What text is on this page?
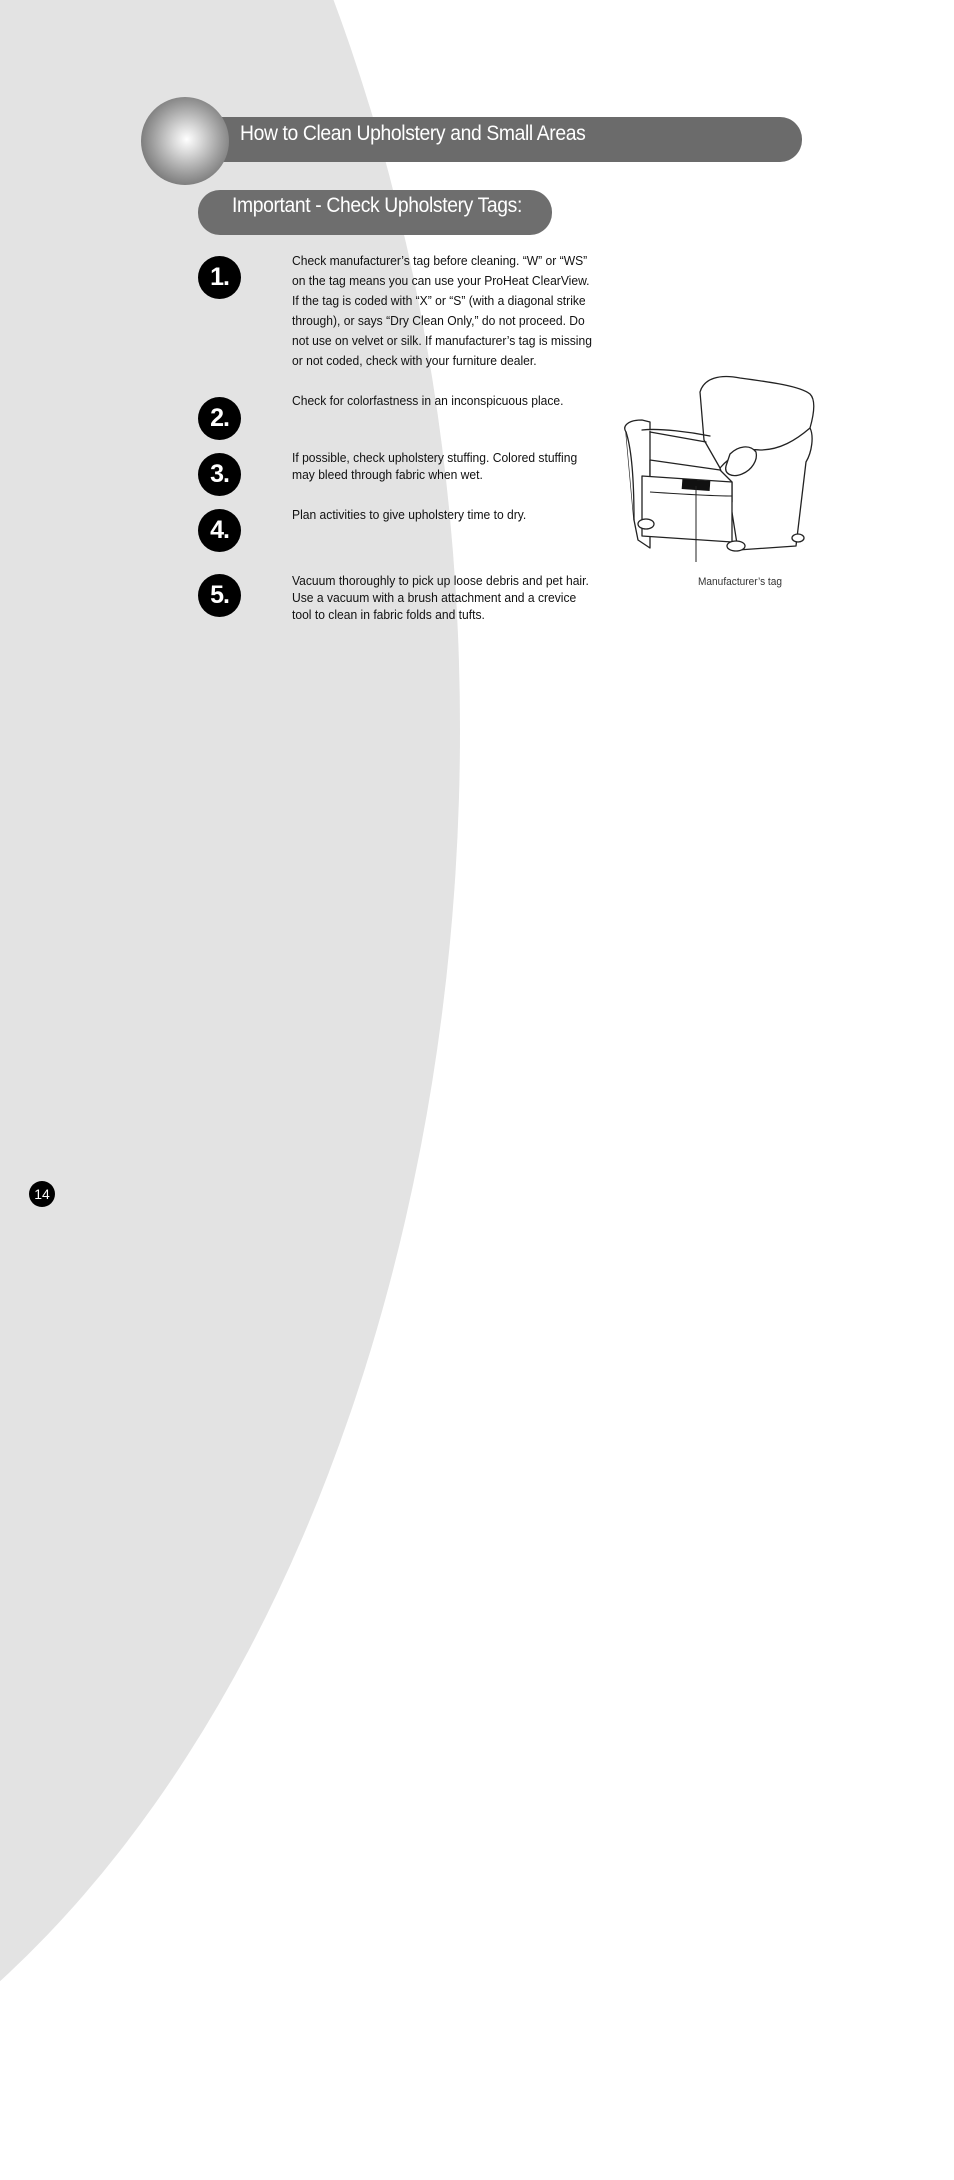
How to Clean Upholstery and Small Areas
Important - Check Upholstery Tags:
1.
Check manufacturer’s tag before cleaning. “W” or “WS” on the tag means you can use your ProHeat ClearView. If the tag is coded with “X” or “S” (with a diagonal strike through), or says “Dry Clean Only,” do not proceed. Do not use on velvet or silk. If manufacturer’s tag is missing or not coded, check with your furniture dealer.
2.
Check for colorfastness in an inconspicuous place.
3.
If possible, check upholstery stuffing. Colored stuffing may bleed through fabric when wet.
4.
Plan activities to give upholstery time to dry.
5.
Vacuum thoroughly to pick up loose debris and pet hair. Use a vacuum with a brush attachment and a crevice tool to clean in fabric folds and tufts.
Manufacturer’s tag
14
